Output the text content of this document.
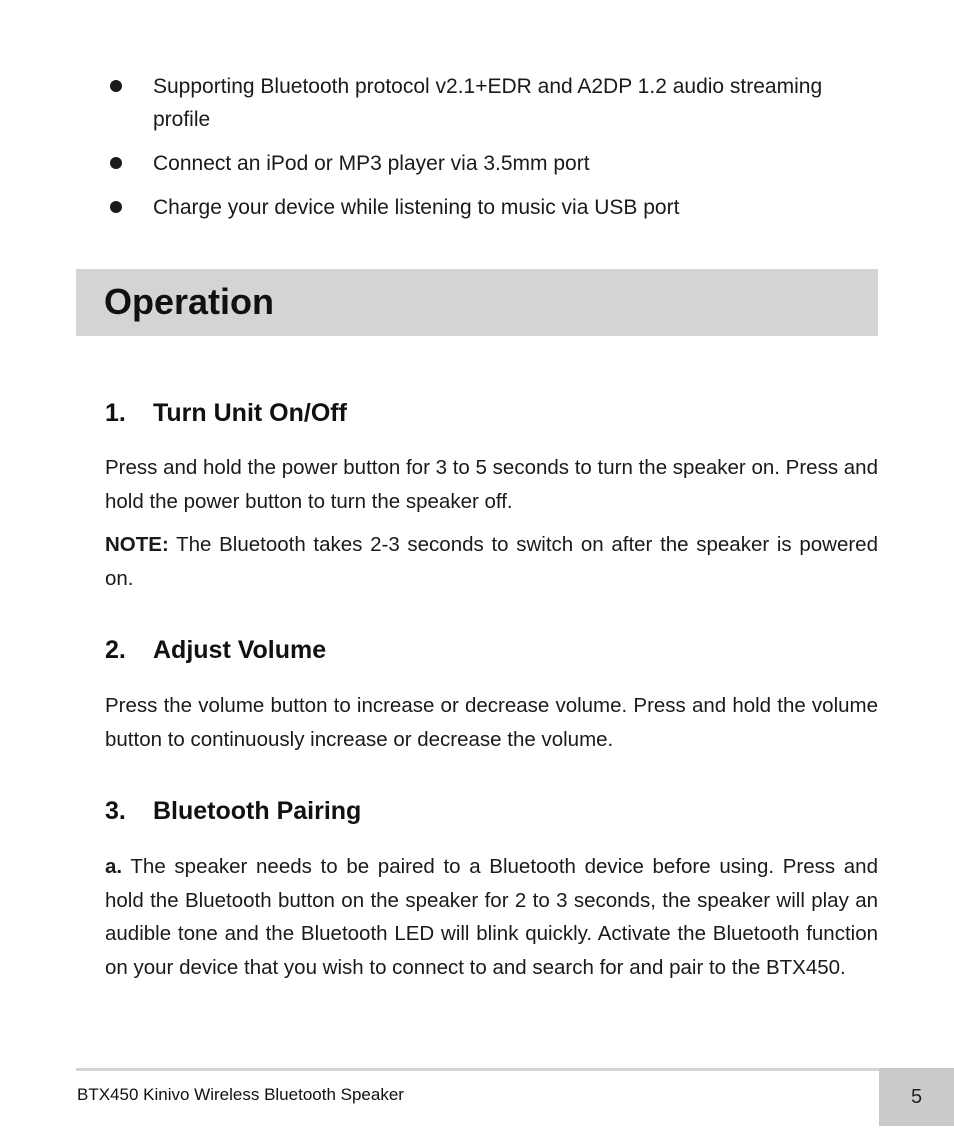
Supporting Bluetooth protocol v2.1+EDR and A2DP 1.2 audio streaming profile
Connect an iPod or MP3 player via 3.5mm port
Charge your device while listening to music via USB port
Operation
1. Turn Unit On/Off

Press and hold the power button for 3 to 5 seconds to turn the speaker on. Press and hold the power button to turn the speaker off.

NOTE: The Bluetooth takes 2-3 seconds to switch on after the speaker is powered on.

2. Adjust Volume

Press the volume button to increase or decrease volume. Press and hold the volume button to continuously increase or decrease the volume.

3. Bluetooth Pairing

a. The speaker needs to be paired to a Bluetooth device before using. Press and hold the Bluetooth button on the speaker for 2 to 3 seconds, the speaker will play an audible tone and the Bluetooth LED will blink quickly. Activate the Bluetooth function on your device that you wish to connect to and search for and pair to the BTX450.

BTX450 Kinivo Wireless Bluetooth Speaker	5
